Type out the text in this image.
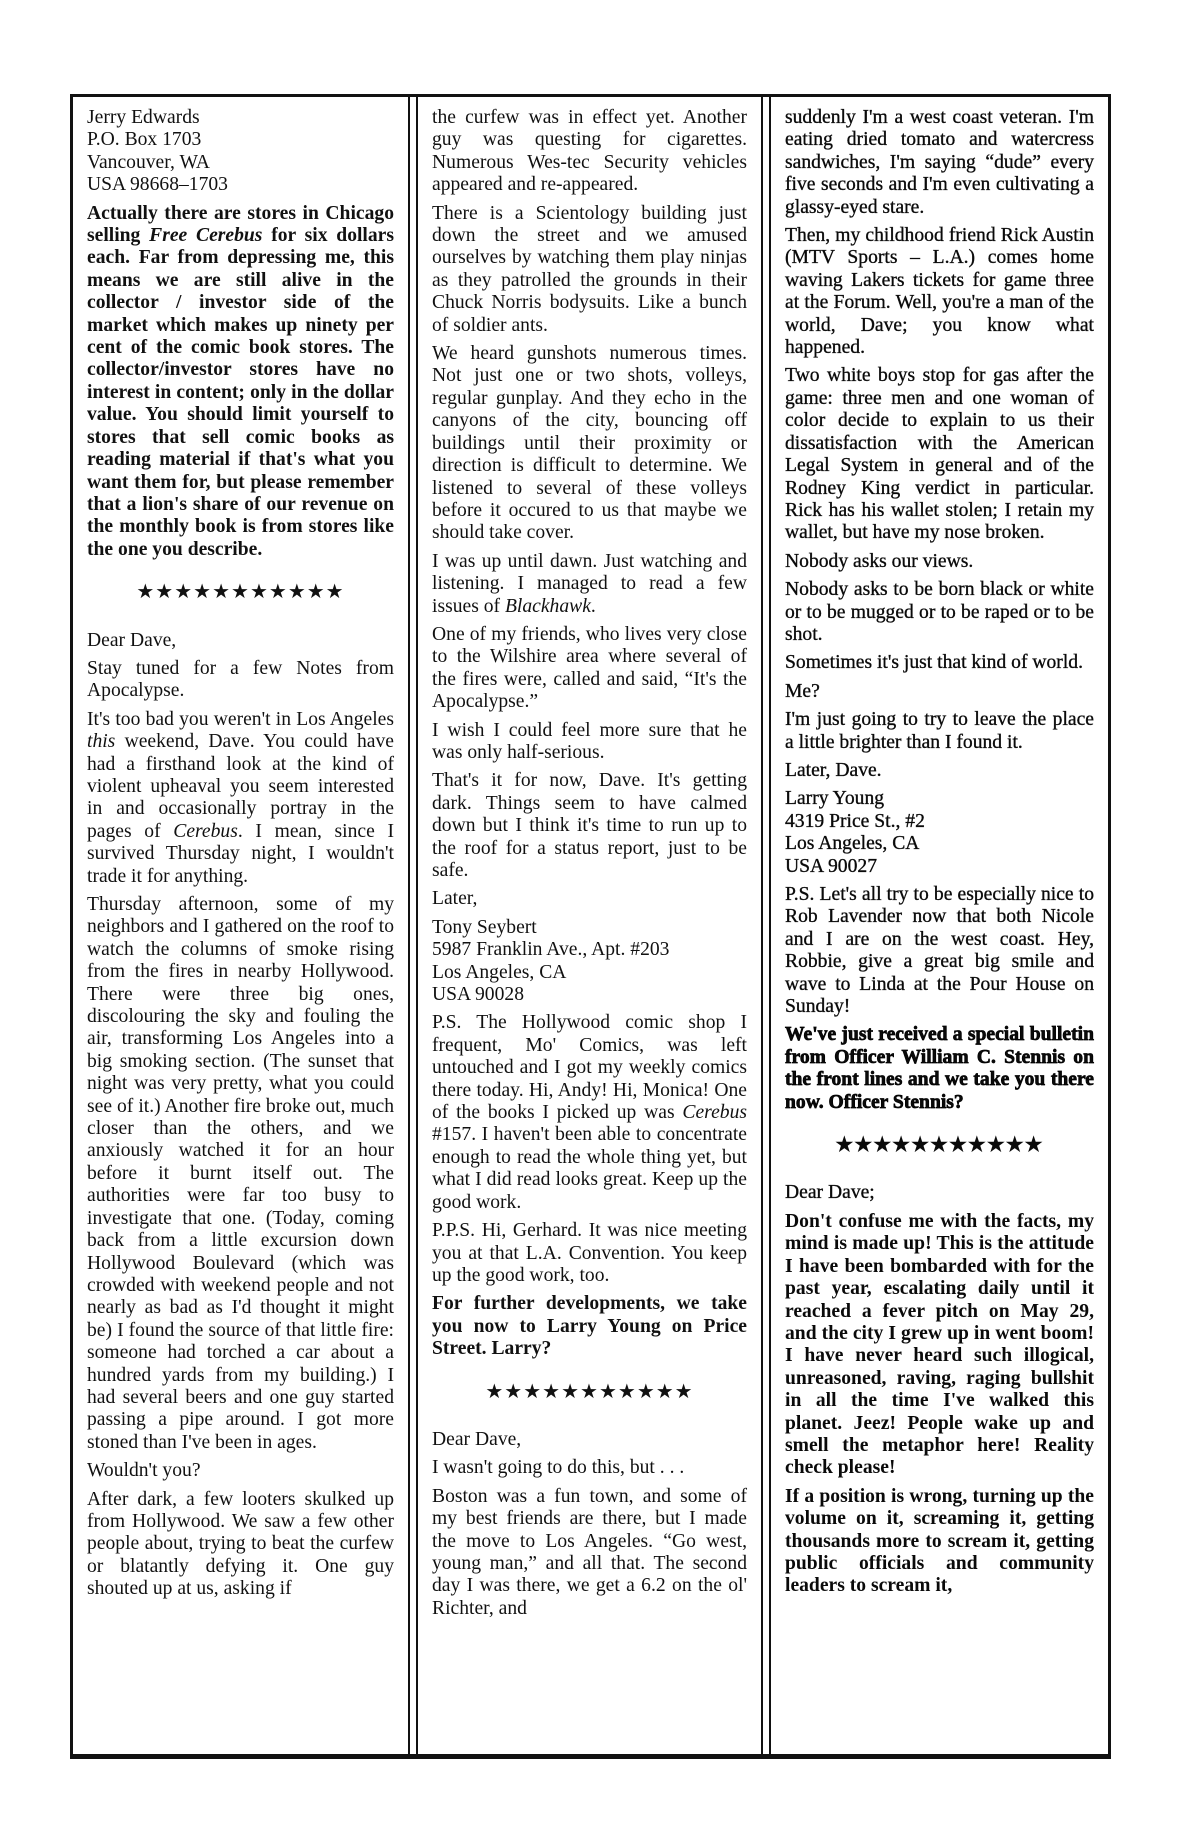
Jerry Edwards
P.O. Box 1703
Vancouver, WA
USA 98668–1703

Actually there are stores in Chicago selling Free Cerebus for six dollars each. Far from depressing me, this means we are still alive in the collector / investor side of the market which makes up ninety per cent of the comic book stores. The collector/investor stores have no interest in content; only in the dollar value. You should limit yourself to stores that sell comic books as reading material if that's what you want them for, but please remember that a lion's share of our revenue on the monthly book is from stores like the one you describe.

★★★★★★★★★★★

Dear Dave,

Stay tuned for a few Notes from Apocalypse.

It's too bad you weren't in Los Angeles this weekend, Dave. You could have had a firsthand look at the kind of violent upheaval you seem interested in and occasionally portray in the pages of Cerebus. I mean, since I survived Thursday night, I wouldn't trade it for anything.

Thursday afternoon, some of my neighbors and I gathered on the roof to watch the columns of smoke rising from the fires in nearby Hollywood. There were three big ones, discolouring the sky and fouling the air, transforming Los Angeles into a big smoking section. (The sunset that night was very pretty, what you could see of it.) Another fire broke out, much closer than the others, and we anxiously watched it for an hour before it burnt itself out. The authorities were far too busy to investigate that one. (Today, coming back from a little excursion down Hollywood Boulevard (which was crowded with weekend people and not nearly as bad as I'd thought it might be) I found the source of that little fire: someone had torched a car about a hundred yards from my building.) I had several beers and one guy started passing a pipe around. I got more stoned than I've been in ages.

Wouldn't you?

After dark, a few looters skulked up from Hollywood. We saw a few other people about, trying to beat the curfew or blatantly defying it. One guy shouted up at us, asking if

the curfew was in effect yet. Another guy was questing for cigarettes. Numerous Wes-tec Security vehicles appeared and re-appeared.

There is a Scientology building just down the street and we amused ourselves by watching them play ninjas as they patrolled the grounds in their Chuck Norris bodysuits. Like a bunch of soldier ants.

We heard gunshots numerous times. Not just one or two shots, volleys, regular gunplay. And they echo in the canyons of the city, bouncing off buildings until their proximity or direction is difficult to determine. We listened to several of these volleys before it occured to us that maybe we should take cover.

I was up until dawn. Just watching and listening. I managed to read a few issues of Blackhawk.

One of my friends, who lives very close to the Wilshire area where several of the fires were, called and said, “It's the Apocalypse.”

I wish I could feel more sure that he was only half-serious.

That's it for now, Dave. It's getting dark. Things seem to have calmed down but I think it's time to run up to the roof for a status report, just to be safe.

Later,

Tony Seybert
5987 Franklin Ave., Apt. #203
Los Angeles, CA
USA 90028

P.S. The Hollywood comic shop I frequent, Mo' Comics, was left untouched and I got my weekly comics there today. Hi, Andy! Hi, Monica! One of the books I picked up was Cerebus #157. I haven't been able to concentrate enough to read the whole thing yet, but what I did read looks great. Keep up the good work.

P.P.S. Hi, Gerhard. It was nice meeting you at that L.A. Convention. You keep up the good work, too.

For further developments, we take you now to Larry Young on Price Street. Larry?

★★★★★★★★★★★

Dear Dave,

I wasn't going to do this, but . . .

Boston was a fun town, and some of my best friends are there, but I made the move to Los Angeles. “Go west, young man,” and all that. The second day I was there, we get a 6.2 on the ol' Richter, and

suddenly I'm a west coast veteran. I'm eating dried tomato and watercress sandwiches, I'm saying “dude” every five seconds and I'm even cultivating a glassy-eyed stare.

Then, my childhood friend Rick Austin (MTV Sports – L.A.) comes home waving Lakers tickets for game three at the Forum. Well, you're a man of the world, Dave; you know what happened.

Two white boys stop for gas after the game: three men and one woman of color decide to explain to us their dissatisfaction with the American Legal System in general and of the Rodney King verdict in particular. Rick has his wallet stolen; I retain my wallet, but have my nose broken.

Nobody asks our views.

Nobody asks to be born black or white or to be mugged or to be raped or to be shot.

Sometimes it's just that kind of world.

Me?

I'm just going to try to leave the place a little brighter than I found it.

Later, Dave.

Larry Young
4319 Price St., #2
Los Angeles, CA
USA 90027

P.S. Let's all try to be especially nice to Rob Lavender now that both Nicole and I are on the west coast. Hey, Robbie, give a great big smile and wave to Linda at the Pour House on Sunday!

We've just received a special bulletin from Officer William C. Stennis on the front lines and we take you there now. Officer Stennis?

★★★★★★★★★★★

Dear Dave;

Don't confuse me with the facts, my mind is made up! This is the attitude I have been bombarded with for the past year, escalating daily until it reached a fever pitch on May 29, and the city I grew up in went boom! I have never heard such illogical, unreasoned, raving, raging bullshit in all the time I've walked this planet. Jeez! People wake up and smell the metaphor here! Reality check please!

If a position is wrong, turning up the volume on it, screaming it, getting thousands more to scream it, getting public officials and community leaders to scream it,
